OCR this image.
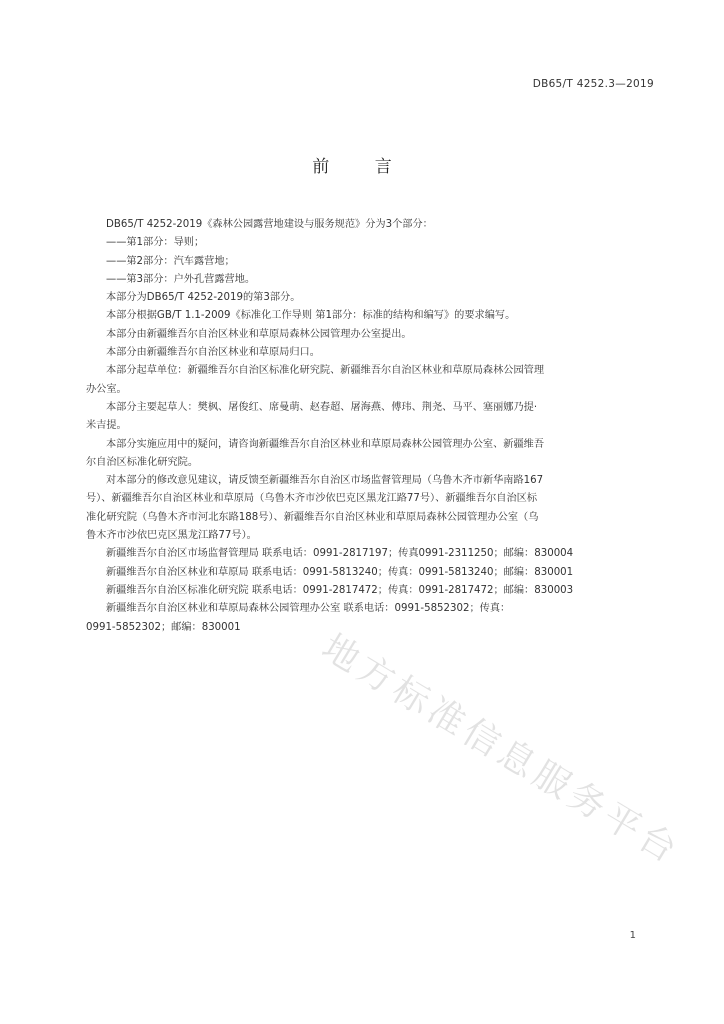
DB65/T 4252.3—2019
前 言
DB65/T 4252-2019《森林公园露营地建设与服务规范》分为3个部分：
——第1部分：导则；
——第2部分：汽车露营地；
——第3部分：户外孔营露营地。
本部分为DB65/T 4252-2019的第3部分。
本部分根据GB/T 1.1-2009《标准化工作导则 第1部分：标准的结构和编写》的要求编写。
本部分由新疆维吾尔自治区林业和草原局森林公园管理办公室提出。
本部分由新疆维吾尔自治区林业和草原局归口。
本部分起草单位：新疆维吾尔自治区标准化研究院、新疆维吾尔自治区林业和草原局森林公园管理
办公室。
本部分主要起草人：樊枫、屠俊红、席曼萌、赵春超、屠海燕、傅玮、荆尧、马平、塞丽娜乃提·
米吉提。
本部分实施应用中的疑问，请咨询新疆维吾尔自治区林业和草原局森林公园管理办公室、新疆维吾
尔自治区标准化研究院。
对本部分的修改意见建议，请反馈至新疆维吾尔自治区市场监督管理局（乌鲁木齐市新华南路167
号）、新疆维吾尔自治区林业和草原局（乌鲁木齐市沙依巴克区黑龙江路77号）、新疆维吾尔自治区标
准化研究院（乌鲁木齐市河北东路188号）、新疆维吾尔自治区林业和草原局森林公园管理办公室（乌
鲁木齐市沙依巴克区黑龙江路77号）。
新疆维吾尔自治区市场监督管理局 联系电话：0991-2817197；传真0991-2311250；邮编：830004
新疆维吾尔自治区林业和草原局 联系电话：0991-5813240；传真：0991-5813240；邮编：830001
新疆维吾尔自治区标准化研究院 联系电话：0991-2817472；传真：0991-2817472；邮编：830003
新疆维吾尔自治区林业和草原局森林公园管理办公室 联系电话：0991-5852302；传真：
0991-5852302；邮编：830001	地方标准信息服务平台
1
